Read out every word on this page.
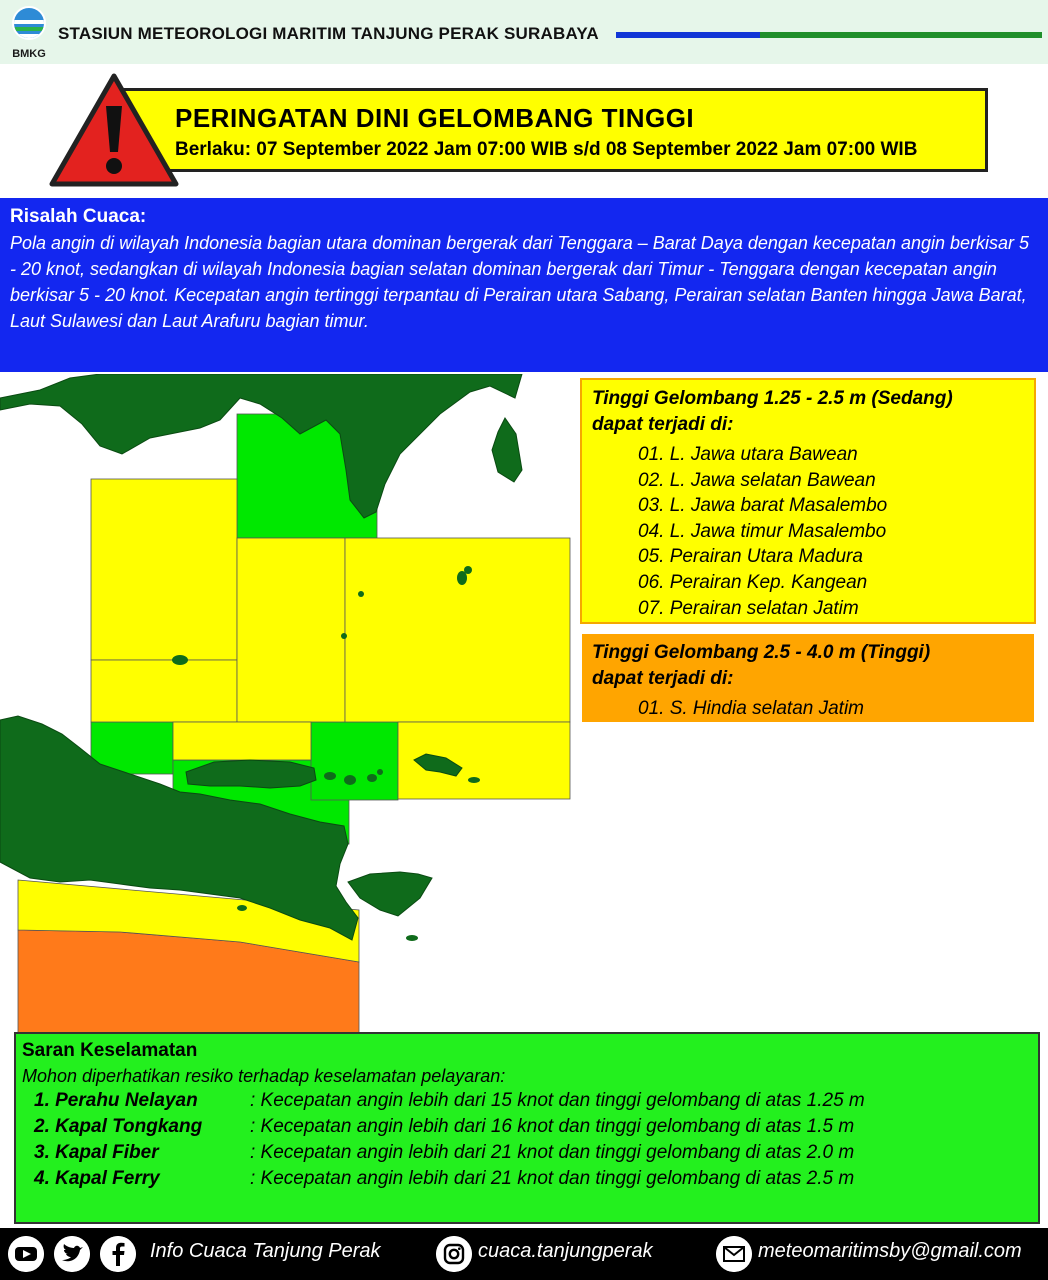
BMKG
STASIUN METEOROLOGI MARITIM TANJUNG PERAK SURABAYA
PERINGATAN DINI GELOMBANG TINGGI
Berlaku: 07 September 2022 Jam 07:00 WIB s/d 08 September 2022 Jam 07:00 WIB
Risalah Cuaca:
Pola angin di wilayah Indonesia bagian utara dominan bergerak dari Tenggara – Barat Daya dengan kecepatan angin berkisar 5 - 20 knot, sedangkan di wilayah Indonesia bagian selatan dominan bergerak dari Timur - Tenggara dengan kecepatan angin berkisar 5 - 20 knot. Kecepatan angin tertinggi terpantau di Perairan utara Sabang, Perairan selatan Banten hingga Jawa Barat, Laut Sulawesi dan Laut Arafuru bagian timur.
Tinggi Gelombang 1.25 - 2.5 m (Sedang)
dapat terjadi di:
01. L. Jawa utara Bawean
02. L. Jawa selatan Bawean
03. L. Jawa barat Masalembo
04. L. Jawa timur Masalembo
05. Perairan Utara Madura
06. Perairan Kep. Kangean
07. Perairan selatan Jatim
Tinggi Gelombang 2.5 - 4.0 m (Tinggi)
dapat terjadi di:
01. S. Hindia selatan Jatim
Saran Keselamatan
Mohon diperhatikan resiko terhadap keselamatan pelayaran:
1. Perahu Nelayan	: Kecepatan angin lebih dari 15 knot dan tinggi gelombang di atas 1.25 m
2. Kapal Tongkang	: Kecepatan angin lebih dari 16 knot dan tinggi gelombang di atas 1.5 m
3. Kapal Fiber	: Kecepatan angin lebih dari 21 knot dan tinggi gelombang di atas 2.0 m
4. Kapal Ferry	: Kecepatan angin lebih dari 21 knot dan tinggi gelombang di atas 2.5 m
Info Cuaca Tanjung Perak	cuaca.tanjungperak	meteomaritimsby@gmail.com
